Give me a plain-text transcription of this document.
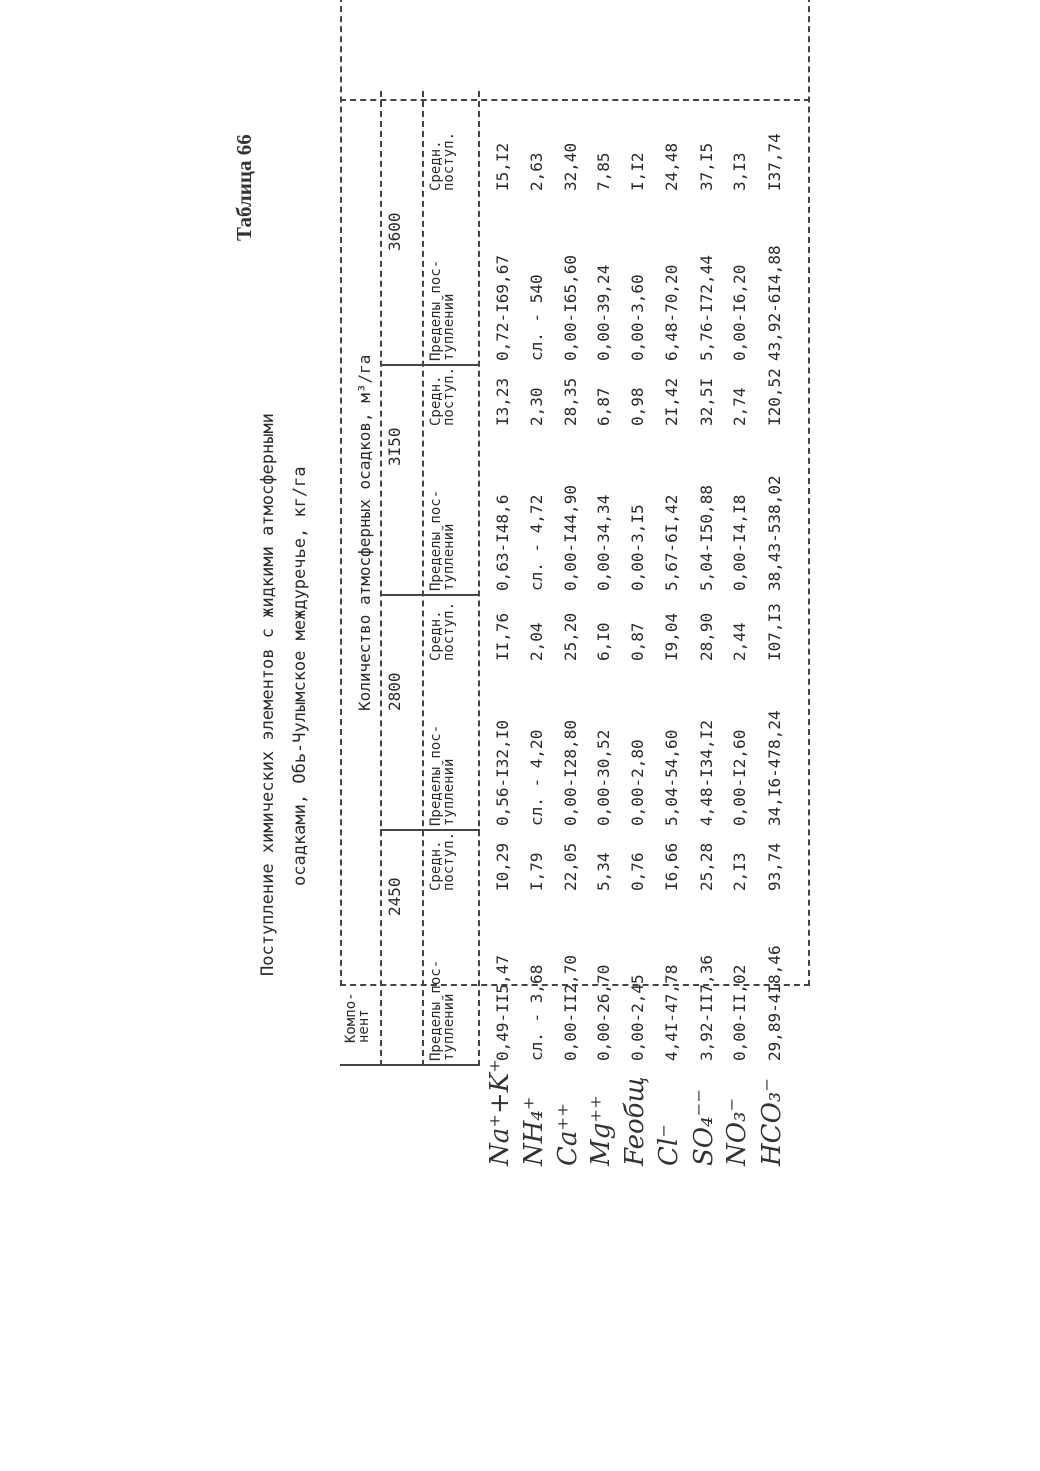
Таблица 66
Поступление химических элементов с жидкими атмосферными осадками, Обь-Чулымское междуречье, кг/га
Компо-
нент
Количество атмосферных осадков, м³/га
2450
2800
3I50
3600
Пределы пос-
туплений
Средн.
поступ.
Пределы пос-
туплений
Средн.
поступ.
Пределы пос-
туплений
Средн.
поступ.
Пределы пос-
туплений
Средн.
поступ.
Na⁺+K⁺ NH₄⁺ Ca⁺⁺ Mg⁺⁺ Feобщ Cl⁻ SO₄⁻⁻ NO₃⁻ HCO₃⁻
0,49-II5,47
I0,29
0,56-I32,I0
II,76
0,63-I48,6
I3,23
0,72-I69,67
I5,I2
сл. - 3,68
I,79
сл. - 4,20
2,04
сл. - 4,72
2,30
сл. - 540
2,63
0,00-II2,70
22,05
0,00-I28,80
25,20
0,00-I44,90
28,35
0,00-I65,60
32,40
0,00-26,70
5,34
0,00-30,52
6,I0
0,00-34,34
6,87
0,00-39,24
7,85
0,00-2,45
0,76
0,00-2,80
0,87
0,00-3,I5
0,98
0,00-3,60
I,I2
4,4I-47,78
I6,66
5,04-54,60
I9,04
5,67-6I,42
2I,42
6,48-70,20
24,48
3,92-II7,36
25,28
4,48-I34,I2
28,90
5,04-I50,88
32,5I
5,76-I72,44
37,I5
0,00-II,02
2,I3
0,00-I2,60
2,44
0,00-I4,I8
2,74
0,00-I6,20
3,I3
29,89-4I8,46
93,74
34,I6-478,24
I07,I3
38,43-538,02
I20,52
43,92-6I4,88
I37,74
